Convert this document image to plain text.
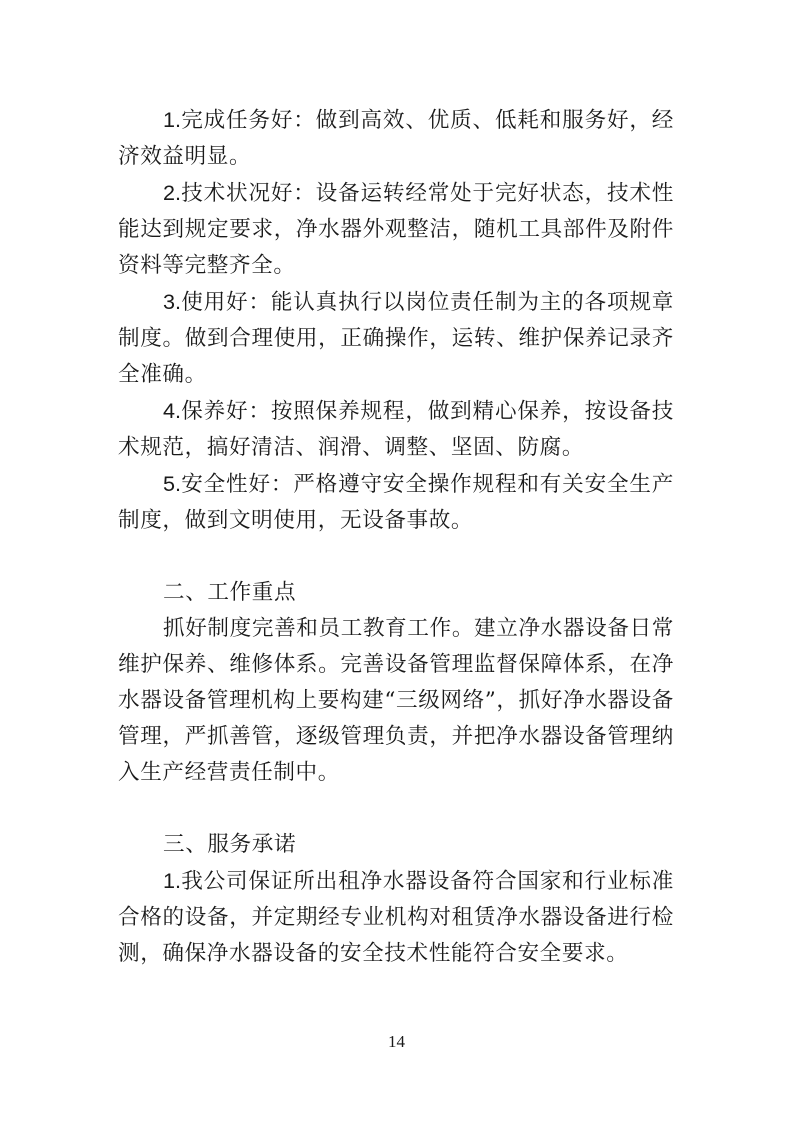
1.完成任务好：做到高效、优质、低耗和服务好，经济效益明显。

2.技术状况好：设备运转经常处于完好状态，技术性能达到规定要求，净水器外观整洁，随机工具部件及附件资料等完整齐全。

3.使用好：能认真执行以岗位责任制为主的各项规章制度。做到合理使用，正确操作，运转、维护保养记录齐全准确。

4.保养好：按照保养规程，做到精心保养，按设备技术规范，搞好清洁、润滑、调整、坚固、防腐。

5.安全性好：严格遵守安全操作规程和有关安全生产制度，做到文明使用，无设备事故。

二、工作重点

抓好制度完善和员工教育工作。建立净水器设备日常维护保养、维修体系。完善设备管理监督保障体系，在净水器设备管理机构上要构建“三级网络”，抓好净水器设备管理，严抓善管，逐级管理负责，并把净水器设备管理纳入生产经营责任制中。

三、服务承诺

1.我公司保证所出租净水器设备符合国家和行业标准合格的设备，并定期经专业机构对租赁净水器设备进行检测，确保净水器设备的安全技术性能符合安全要求。

14
